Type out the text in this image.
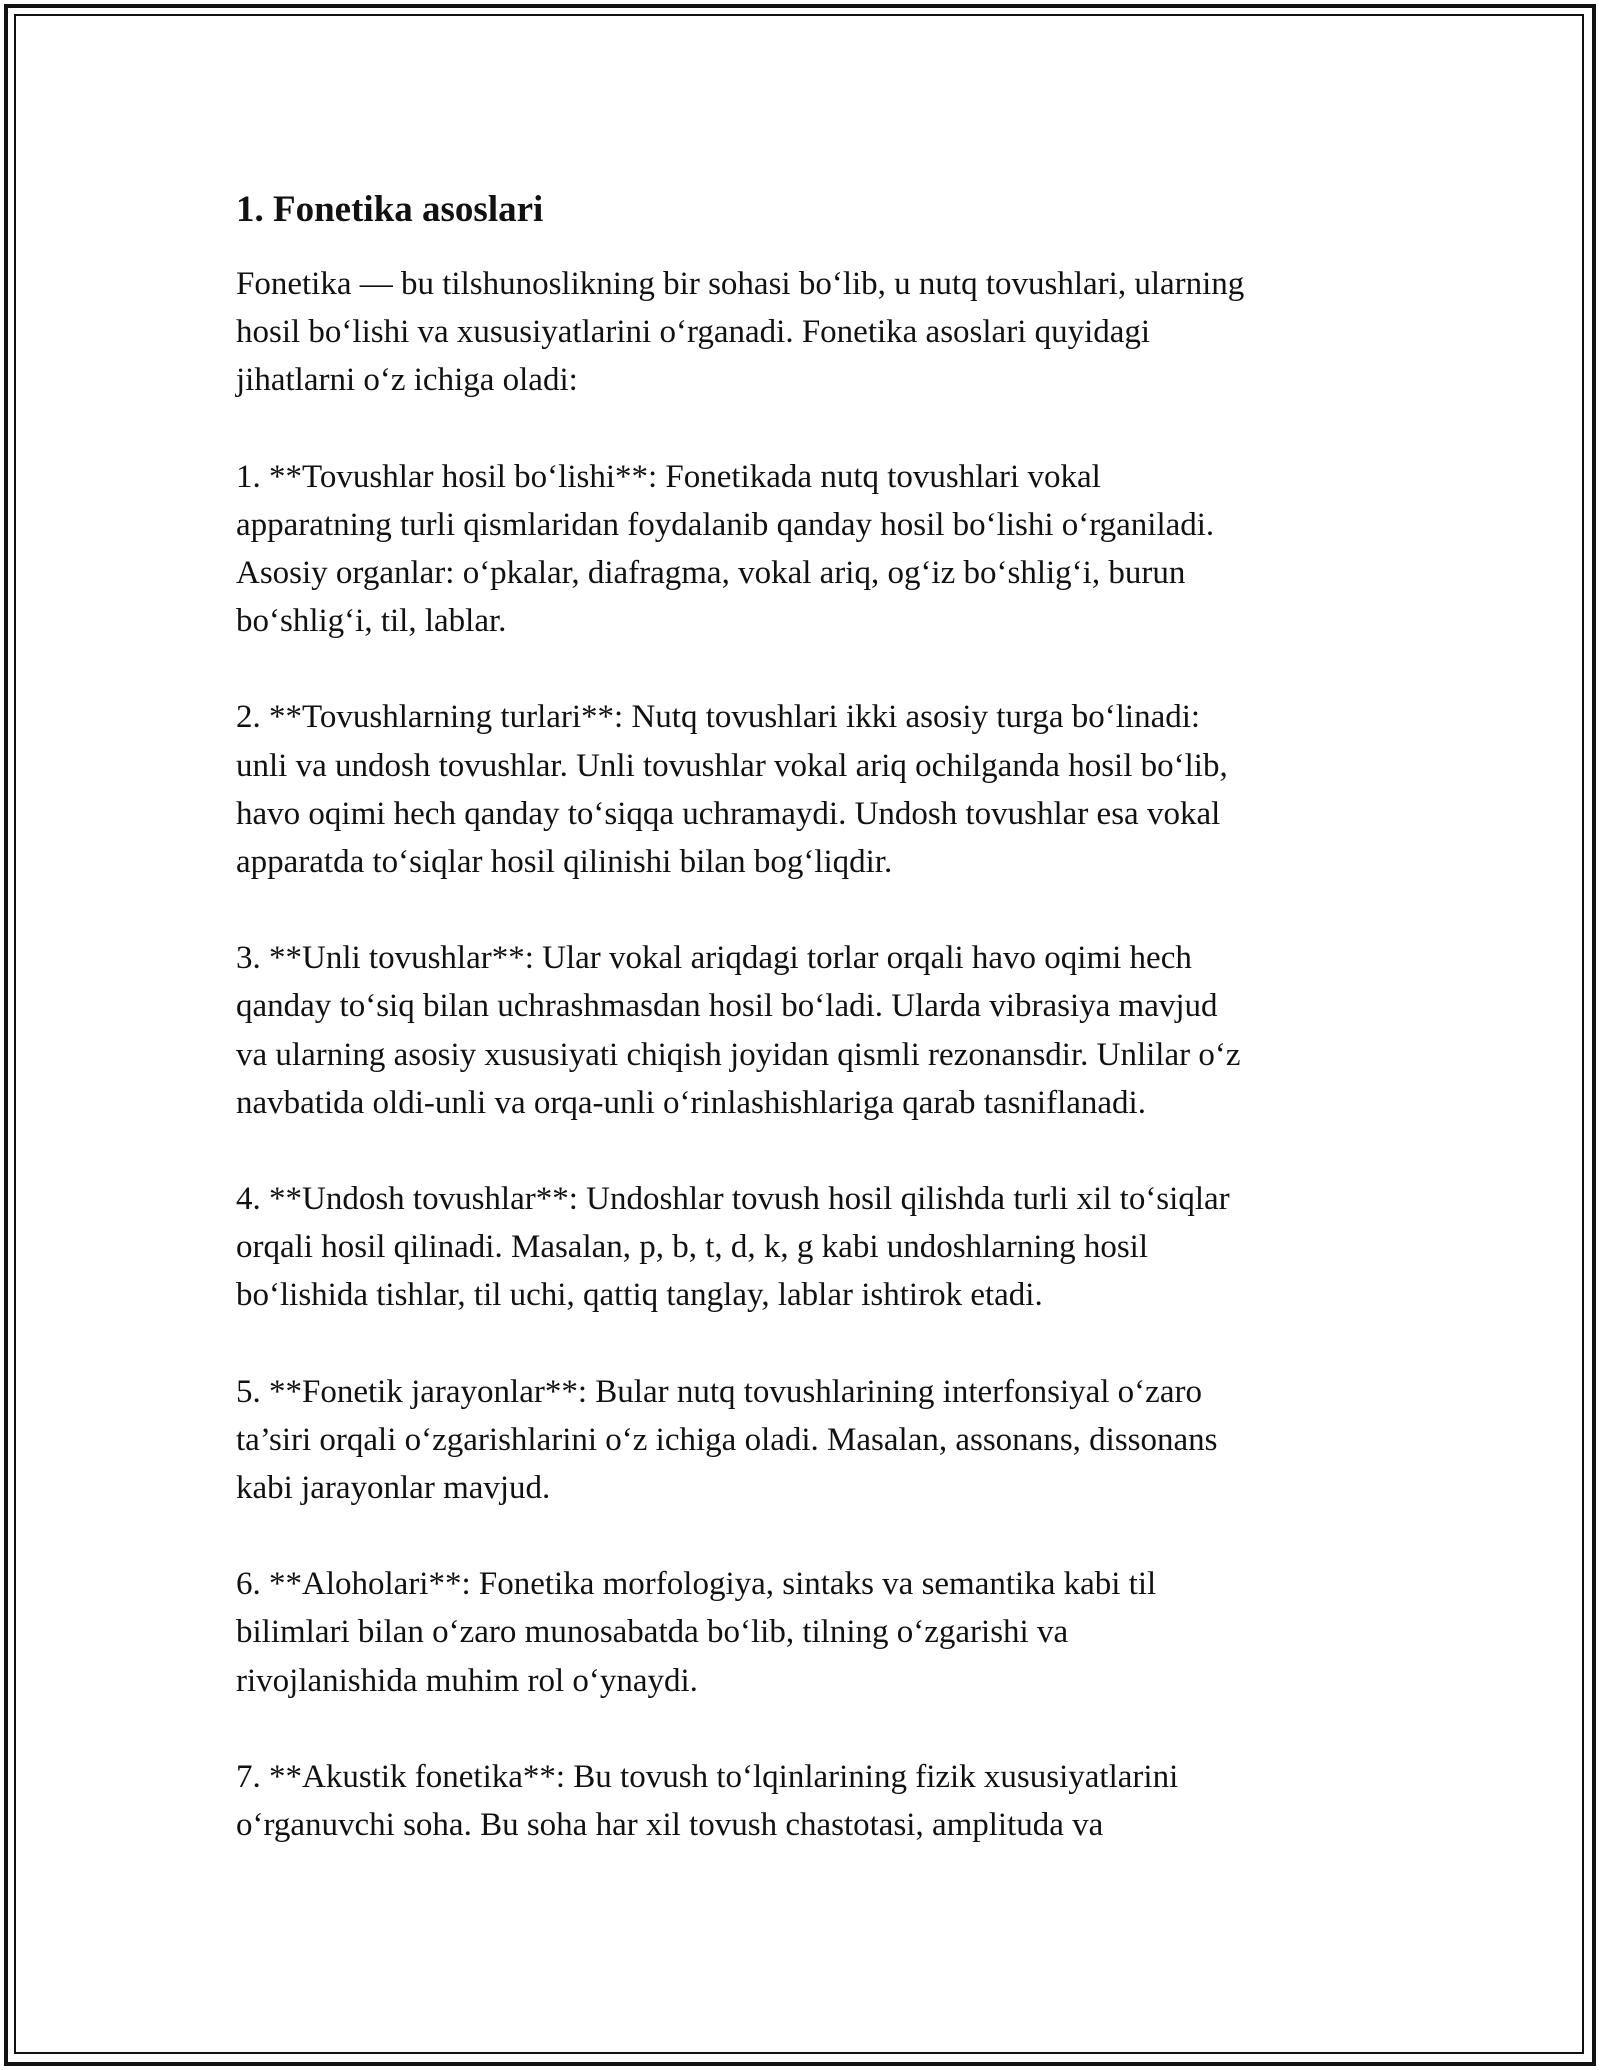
1. Fonetika asoslari

Fonetika — bu tilshunoslikning bir sohasi bo‘lib, u nutq tovushlari, ularning
hosil bo‘lishi va xususiyatlarini o‘rganadi. Fonetika asoslari quyidagi
jihatlarni o‘z ichiga oladi:

1. **Tovushlar hosil bo‘lishi**: Fonetikada nutq tovushlari vokal
apparatning turli qismlaridan foydalanib qanday hosil bo‘lishi o‘rganiladi.
Asosiy organlar: o‘pkalar, diafragma, vokal ariq, og‘iz bo‘shlig‘i, burun
bo‘shlig‘i, til, lablar.

2. **Tovushlarning turlari**: Nutq tovushlari ikki asosiy turga bo‘linadi:
unli va undosh tovushlar. Unli tovushlar vokal ariq ochilganda hosil bo‘lib,
havo oqimi hech qanday to‘siqqa uchramaydi. Undosh tovushlar esa vokal
apparatda to‘siqlar hosil qilinishi bilan bog‘liqdir.

3. **Unli tovushlar**: Ular vokal ariqdagi torlar orqali havo oqimi hech
qanday to‘siq bilan uchrashmasdan hosil bo‘ladi. Ularda vibrasiya mavjud
va ularning asosiy xususiyati chiqish joyidan qismli rezonansdir. Unlilar o‘z
navbatida oldi-unli va orqa-unli o‘rinlashishlariga qarab tasniflanadi.

4. **Undosh tovushlar**: Undoshlar tovush hosil qilishda turli xil to‘siqlar
orqali hosil qilinadi. Masalan, p, b, t, d, k, g kabi undoshlarning hosil
bo‘lishida tishlar, til uchi, qattiq tanglay, lablar ishtirok etadi.

5. **Fonetik jarayonlar**: Bular nutq tovushlarining interfonsiyal o‘zaro
ta’siri orqali o‘zgarishlarini o‘z ichiga oladi. Masalan, assonans, dissonans
kabi jarayonlar mavjud.

6. **Aloholari**: Fonetika morfologiya, sintaks va semantika kabi til
bilimlari bilan o‘zaro munosabatda bo‘lib, tilning o‘zgarishi va
rivojlanishida muhim rol o‘ynaydi.

7. **Akustik fonetika**: Bu tovush to‘lqinlarining fizik xususiyatlarini
o‘rganuvchi soha. Bu soha har xil tovush chastotasi, amplituda va
